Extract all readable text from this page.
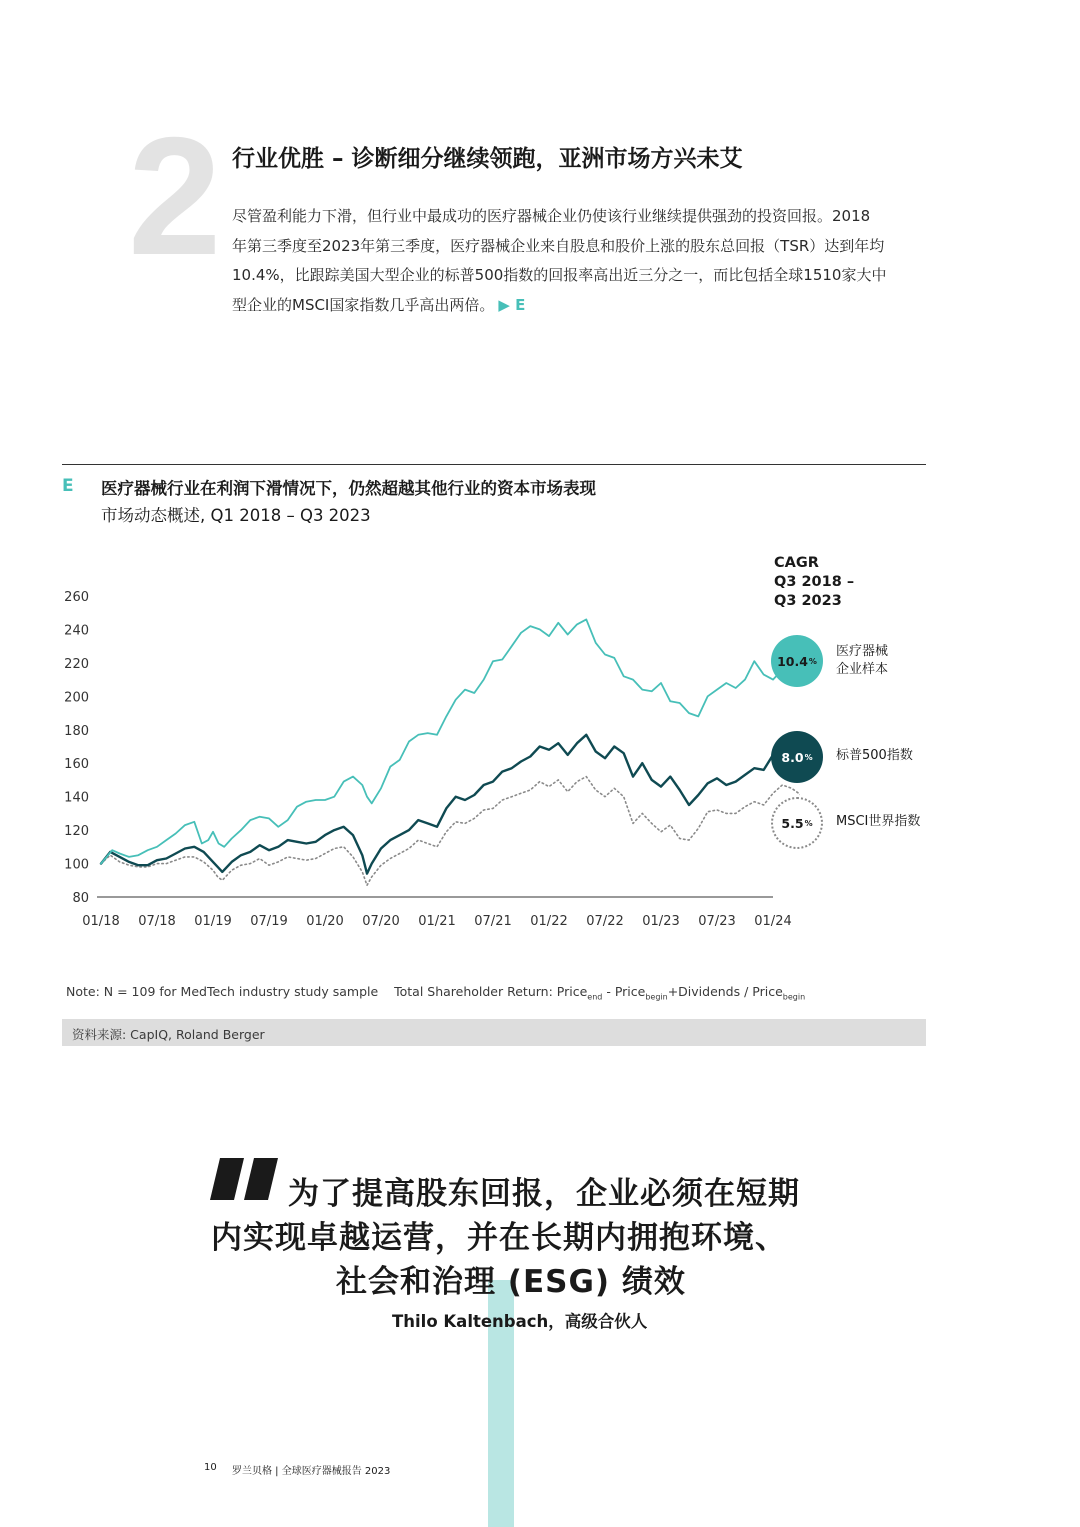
2 行业优胜 – 诊断细分继续领跑，亚洲市场方兴未艾
尽管盈利能力下滑，但行业中最成功的医疗器械企业仍使该行业继续提供强劲的投资回报。2018
年第三季度至2023年第三季度，医疗器械企业来自股息和股价上涨的股东总回报（TSR）达到年均
10.4%，比跟踪美国大型企业的标普500指数的回报率高出近三分之一，而比包括全球1510家大中
型企业的MSCI国家指数几乎高出两倍。 ▶ E
E 医疗器械行业在利润下滑情况下，仍然超越其他行业的资本市场表现
市场动态概述, Q1 2018 – Q3 2023
260
240
220
200
180
160
140
120
100
80
01/18 07/18 01/19 07/19 01/20 07/20 01/21 07/21 01/22 07/22 01/23 07/23 01/24
CAGR
Q3 2018 –
Q3 2023
10.4 %
医疗器械
企业样本
8.0 % 标普500指数
5.5 % MSCI世界指数
Note: N = 109 for MedTech industry study sample Total Shareholder Return: Price$_{end}$ - Price$_{begin}$+Dividends / Price$_{begin}$
资料来源: CapIQ, Roland Berger
为了提高股东回报，企业必须在短期
内实现卓越运营，并在长期内拥抱环境、
社会和治理 (ESG) 绩效
Thilo Kaltenbach，高级合伙人
10 罗兰贝格 | 全球医疗器械报告 2023
